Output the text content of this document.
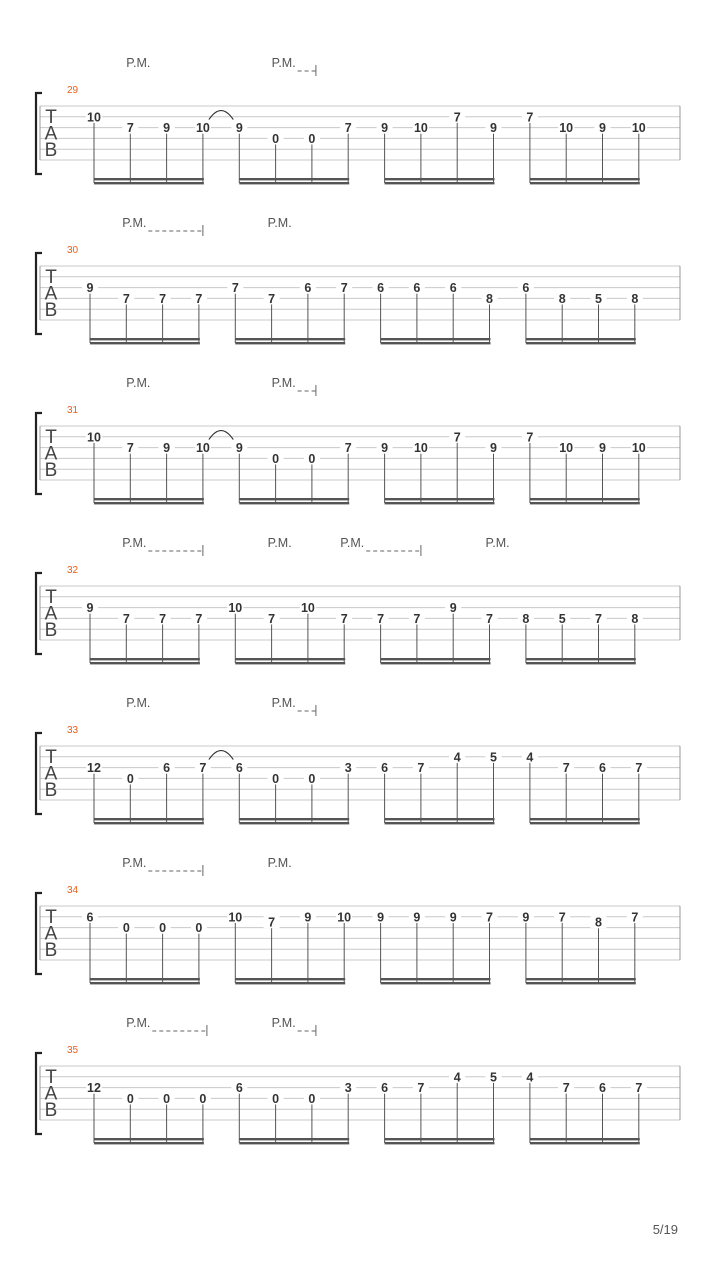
T
A
B
29
P.M.	P.M.
10
7 9 10 9
0 0
7 9 10
7
9
7
10 9 10
T
A
B
30
P.M.	P.M.
9
7 7 7
7
7
6 7 6 6 6
8
6
8 5 8
T
A
B
31
P.M.	P.M.
10
7 9 10 9
0 0
7 9 10
7
9
7
10 9 10
T
A
B
32
P.M.	P.M.	P.M.	P.M.
9
7 7 7
10
7
10
7 7 7
9
7 8 5 7 8
T
A
B
33
P.M.	P.M.
12
0
6 7 6
0 0
3 6 7
4 5 4
7 6 7
T
A
B
34
P.M.	P.M.
6
0 0 0
10 7 9 10 9 9 9 7 9 7 8 7
T
A
B
35
P.M.	P.M.
12
0 0 0
6
0 0
3 6 7
4 5 4
7 6 7
5/19
